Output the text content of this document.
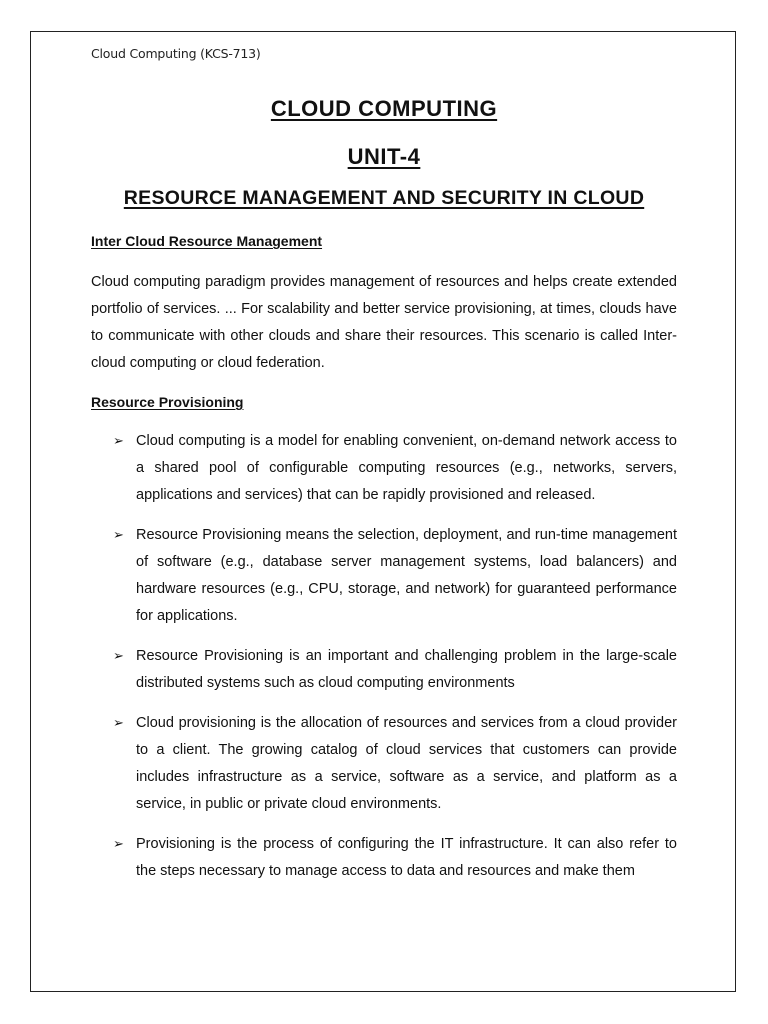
Cloud Computing (KCS-713)
CLOUD COMPUTING
UNIT-4
RESOURCE MANAGEMENT AND SECURITY IN CLOUD
Inter Cloud Resource Management

Cloud computing paradigm provides management of resources and helps create extended portfolio of services. ... For scalability and better service provisioning, at times, clouds have to communicate with other clouds and share their resources. This scenario is called Inter-cloud computing or cloud federation.

Resource Provisioning
➢ Cloud computing is a model for enabling convenient, on-demand network access to a shared pool of configurable computing resources (e.g., networks, servers, applications and services) that can be rapidly provisioned and released.
➢ Resource Provisioning means the selection, deployment, and run-time management of software (e.g., database server management systems, load balancers) and hardware resources (e.g., CPU, storage, and network) for guaranteed performance for applications.
➢ Resource Provisioning is an important and challenging problem in the large-scale distributed systems such as cloud computing environments
➢ Cloud provisioning is the allocation of resources and services from a cloud provider to a client. The growing catalog of cloud services that customers can provide includes infrastructure as a service, software as a service, and platform as a service, in public or private cloud environments.
➢ Provisioning is the process of configuring the IT infrastructure. It can also refer to the steps necessary to manage access to data and resources and make them
